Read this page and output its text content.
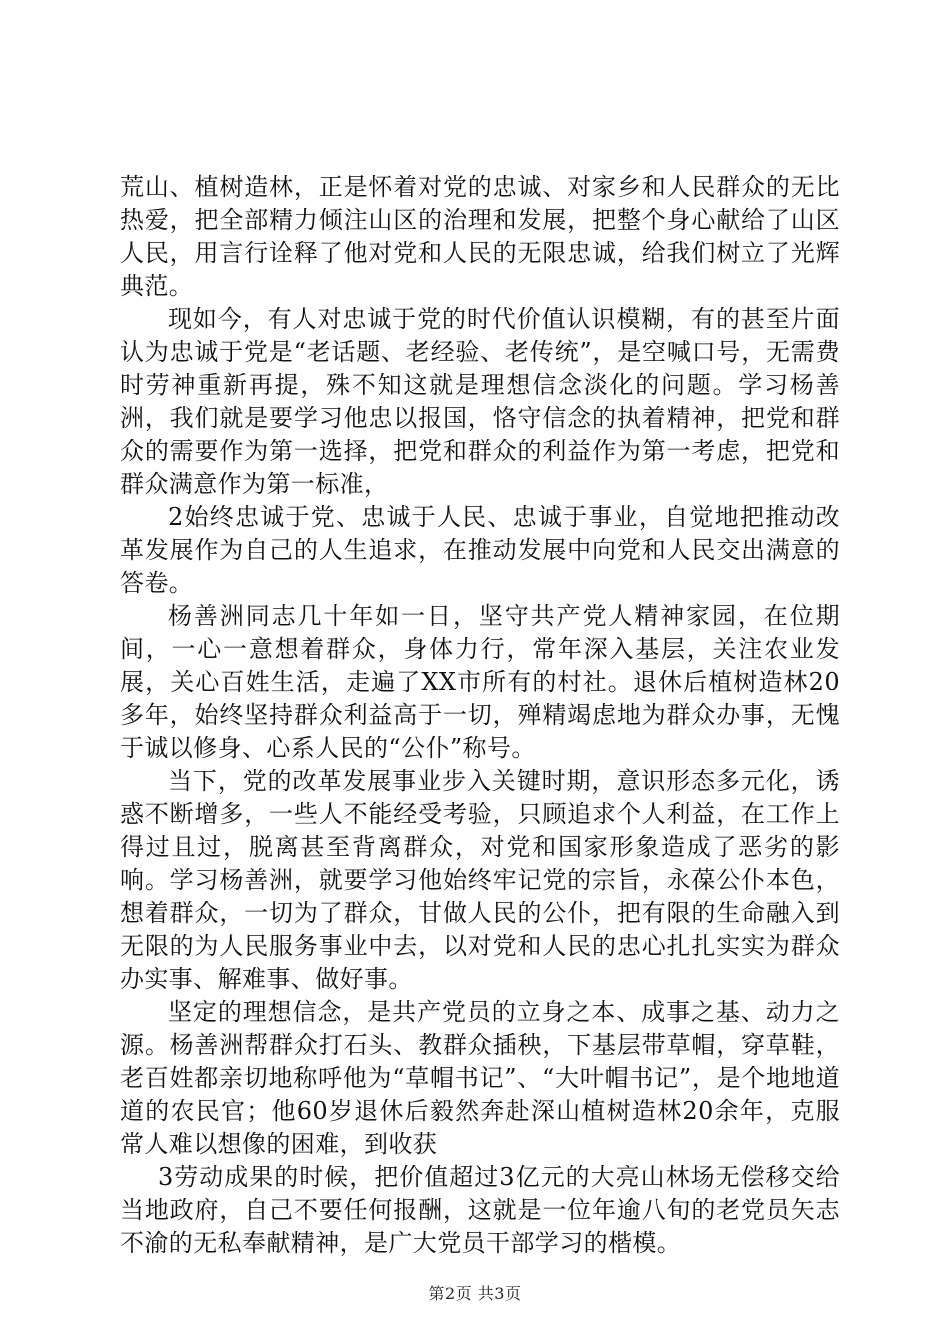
荒山、植树造林，正是怀着对党的忠诚、对家乡和人民群众的无比热爱，把全部精力倾注山区的治理和发展，把整个身心献给了山区人民，用言行诠释了他对党和人民的无限忠诚，给我们树立了光辉典范。

现如今，有人对忠诚于党的时代价值认识模糊，有的甚至片面认为忠诚于党是“老话题、老经验、老传统”，是空喊口号，无需费时劳神重新再提，殊不知这就是理想信念淡化的问题。学习杨善洲，我们就是要学习他忠以报国，恪守信念的执着精神，把党和群众的需要作为第一选择，把党和群众的利益作为第一考虑，把党和群众满意作为第一标准，

2始终忠诚于党、忠诚于人民、忠诚于事业，自觉地把推动改革发展作为自己的人生追求，在推动发展中向党和人民交出满意的答卷。

杨善洲同志几十年如一日，坚守共产党人精神家园，在位期间，一心一意想着群众，身体力行，常年深入基层，关注农业发展，关心百姓生活，走遍了XX市所有的村社。退休后植树造林20多年，始终坚持群众利益高于一切，殚精竭虑地为群众办事，无愧于诚以修身、心系人民的“公仆”称号。

当下，党的改革发展事业步入关键时期，意识形态多元化，诱惑不断增多，一些人不能经受考验，只顾追求个人利益，在工作上得过且过，脱离甚至背离群众，对党和国家形象造成了恶劣的影响。学习杨善洲，就要学习他始终牢记党的宗旨，永葆公仆本色，想着群众，一切为了群众，甘做人民的公仆，把有限的生命融入到无限的为人民服务事业中去，以对党和人民的忠心扎扎实实为群众办实事、解难事、做好事。

坚定的理想信念，是共产党员的立身之本、成事之基、动力之源。杨善洲帮群众打石头、教群众插秧，下基层带草帽，穿草鞋，老百姓都亲切地称呼他为“草帽书记”、“大叶帽书记”，是个地地道道的农民官；他60岁退休后毅然奔赴深山植树造林20余年，克服常人难以想像的困难，到收获

3劳动成果的时候，把价值超过3亿元的大亮山林场无偿移交给当地政府，自己不要任何报酬，这就是一位年逾八旬的老党员矢志不渝的无私奉献精神，是广大党员干部学习的楷模。

第2页 共3页
